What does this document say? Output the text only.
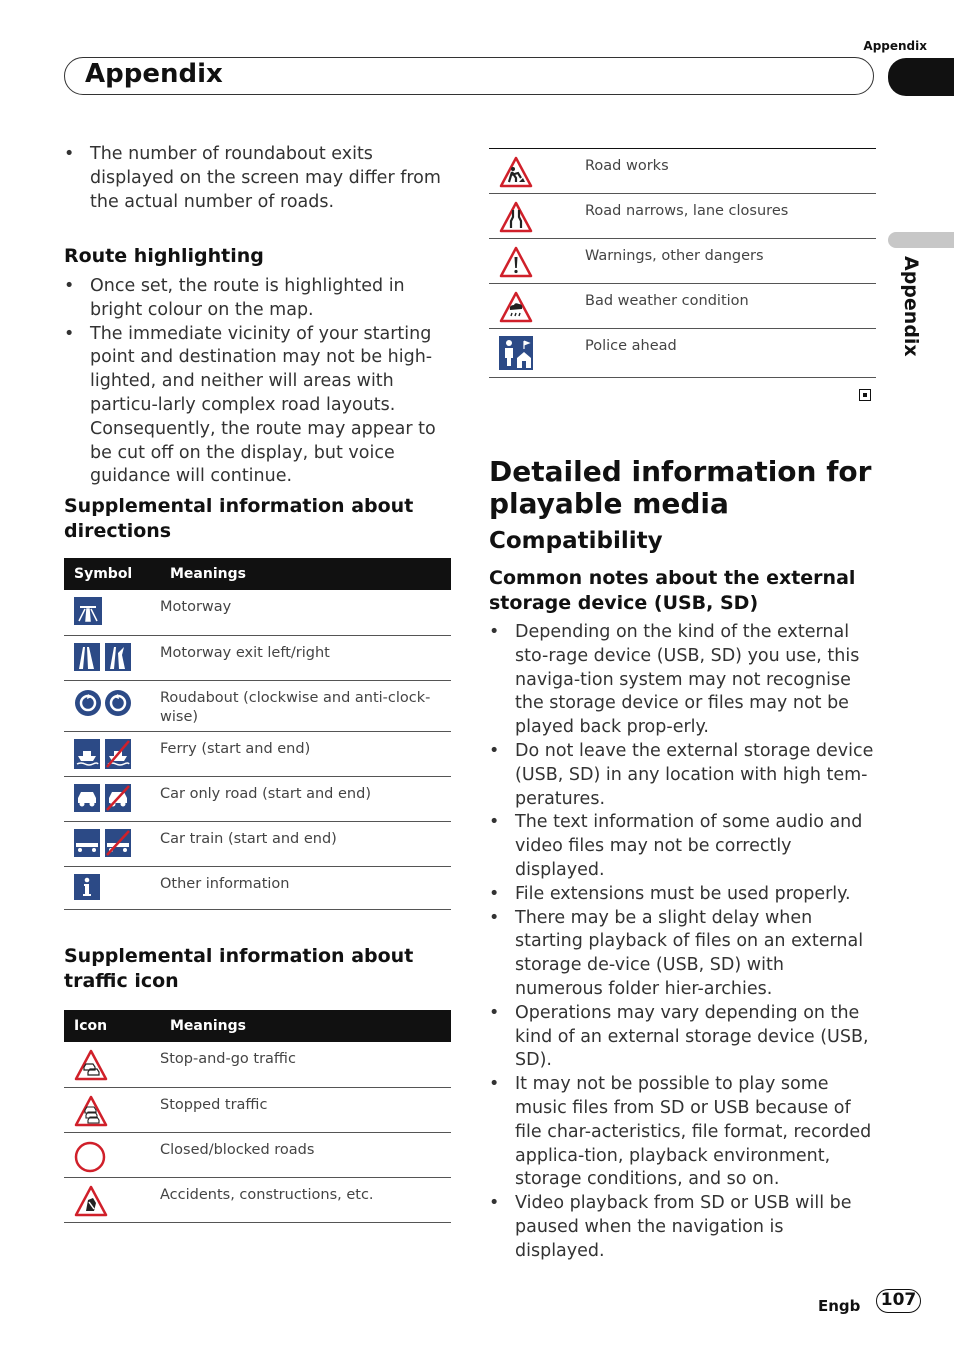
Appendix
Appendix
Appendix
• The number of roundabout exits displayed on the screen may differ from the actual number of roads.
Route highlighting
• Once set, the route is highlighted in bright colour on the map.
• The immediate vicinity of your starting point and destination may not be high-lighted, and neither will areas with particu-larly complex road layouts. Consequently, the route may appear to be cut off on the display, but voice guidance will continue.
Supplemental information about directions
Symbol	Meanings
	Motorway
	Motorway exit left/right
	Roudabout (clockwise and anti-clock-wise)
	Ferry (start and end)
	Car only road (start and end)
	Car train (start and end)
	Other information
Supplemental information about traffic icon
Icon	Meanings
	Stop-and-go traffic
	Stopped traffic
	Closed/blocked roads
	Accidents, constructions, etc.
	Road works
	Road narrows, lane closures
	Warnings, other dangers
	Bad weather condition
	Police ahead
Detailed information for playable media
Compatibility
Common notes about the external storage device (USB, SD)
• Depending on the kind of the external sto-rage device (USB, SD) you use, this naviga-tion system may not recognise the storage device or files may not be played back prop-erly.
• Do not leave the external storage device (USB, SD) in any location with high tem-peratures.
• The text information of some audio and video files may not be correctly displayed.
• File extensions must be used properly.
• There may be a slight delay when starting playback of files on an external storage de-vice (USB, SD) with numerous folder hier-archies.
• Operations may vary depending on the kind of an external storage device (USB, SD).
• It may not be possible to play some music files from SD or USB because of file char-acteristics, file format, recorded applica-tion, playback environment, storage conditions, and so on.
• Video playback from SD or USB will be paused when the navigation is displayed.
Engb 107
